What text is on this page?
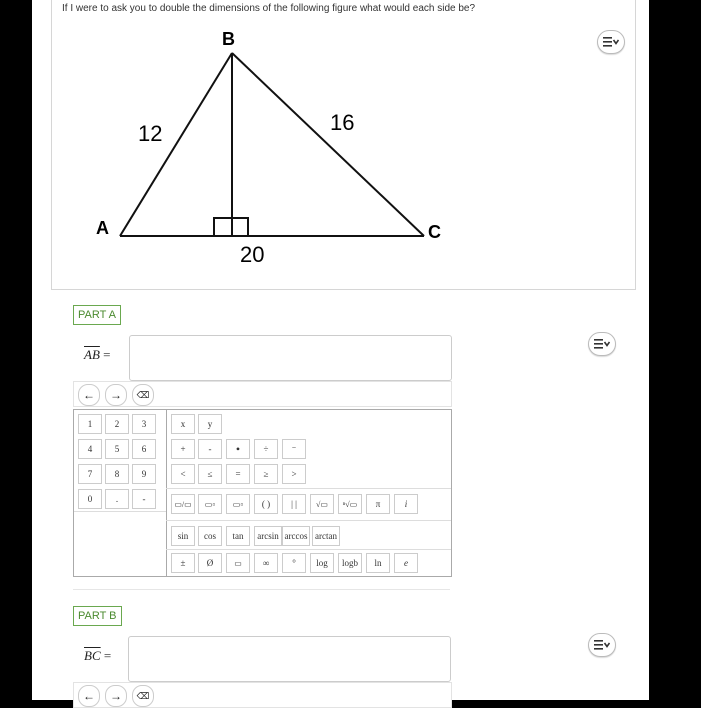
If I were to ask you to double the dimensions of the following figure what would each side be?
B
A	C
12	16
20
PART A
$\overline{AB}$ =
←	→	⌫
1	2	3
4	5	6
7	8	9
0	.	-
x	y
+	-	•	÷	⁻
<	≤	=	≥	>
▭/▭	▭▫	▭▫	( )	| |	√▭	ⁿ√▭	π	i
sin	cos	tan	arcsin arccos arctan
±	Ø	▭	∞	°	log	logb	ln	e
PART B
$\overline{BC}$ =
←	→	⌫
